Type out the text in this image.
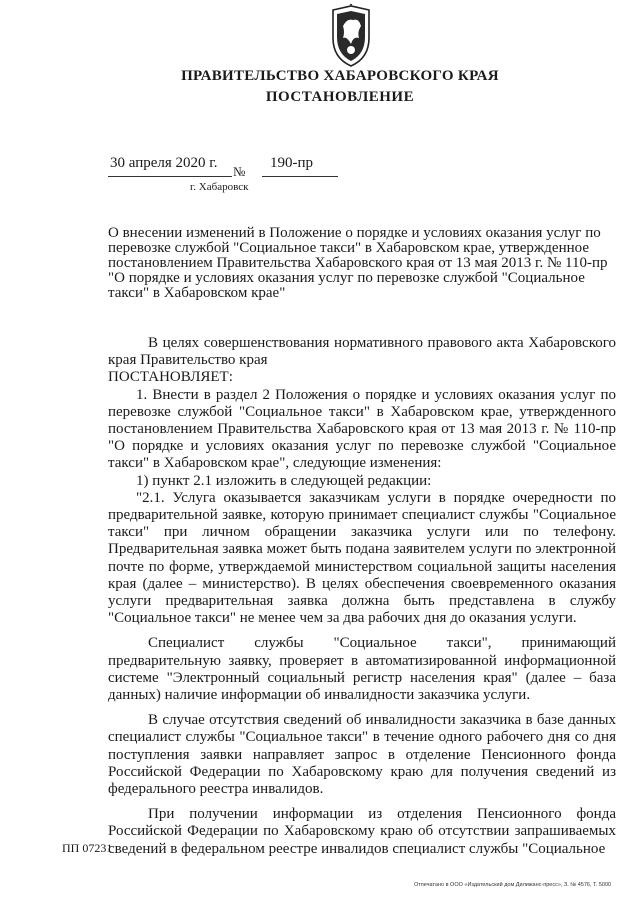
ПРАВИТЕЛЬСТВО ХАБАРОВСКОГО КРАЯ
ПОСТАНОВЛЕНИЕ
30 апреля 2020 г.
№
190-пр
г. Хабаровск
О внесении изменений в Положение о порядке и условиях оказания услуг по
перевозке службой "Социальное такси" в Хабаровском крае, утвержденное
постановлением Правительства Хабаровского края от 13 мая 2013 г. № 110-пр
"О порядке и условиях оказания услуг по перевозке службой "Социальное
такси" в Хабаровском крае"

В целях совершенствования нормативного правового акта Хабаровского края Правительство края

ПОСТАНОВЛЯЕТ:

1. Внести в раздел 2 Положения о порядке и условиях оказания услуг по перевозке службой "Социальное такси" в Хабаровском крае, утвержденного постановлением Правительства Хабаровского края от 13 мая 2013 г. № 110-пр "О порядке и условиях оказания услуг по перевозке службой "Социальное такси" в Хабаровском крае", следующие изменения:

1) пункт 2.1 изложить в следующей редакции:

"2.1. Услуга оказывается заказчикам услуги в порядке очередности по предварительной заявке, которую принимает специалист службы "Социальное такси" при личном обращении заказчика услуги или по телефону. Предварительная заявка может быть подана заявителем услуги по электронной почте по форме, утверждаемой министерством социальной защиты населения края (далее – министерство). В целях обеспечения своевременного оказания услуги предварительная заявка должна быть представлена в службу "Социальное такси" не менее чем за два рабочих дня до оказания услуги.

Специалист службы "Социальное такси", принимающий предварительную заявку, проверяет в автоматизированной информационной системе "Электронный социальный регистр населения края" (далее – база данных) наличие информации об инвалидности заказчика услуги.

В случае отсутствия сведений об инвалидности заказчика в базе данных специалист службы "Социальное такси" в течение одного рабочего дня со дня поступления заявки направляет запрос в отделение Пенсионного фонда Российской Федерации по Хабаровскому краю для получения сведений из федерального реестра инвалидов.

При получении информации из отделения Пенсионного фонда Российской Федерации по Хабаровскому краю об отсутствии запрашиваемых сведений в федеральном реестре инвалидов специалист службы "Социальное

ПП 07231
Отпечатано в ООО «Издательский дом Дилижанс-пресс», З. № 4576, Т. 5000
